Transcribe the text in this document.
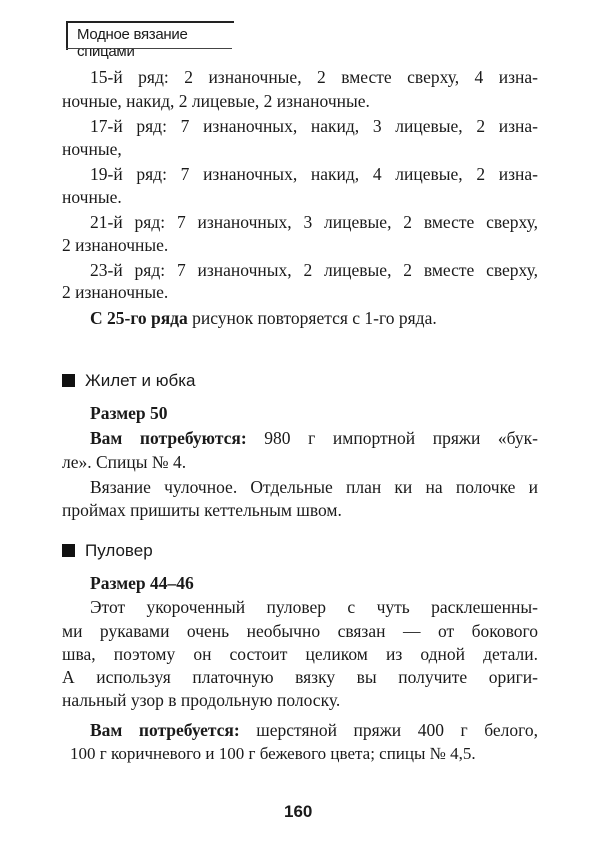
Модное вязание спицами
15-й ряд: 2 изнаночные, 2 вместе сверху, 4 изна-
ночные, накид, 2 лицевые, 2 изнаночные.
17-й ряд: 7 изнаночных, накид, 3 лицевые, 2 изна-
ночные,
19-й ряд: 7 изнаночных, накид, 4 лицевые, 2 изна-
ночные.
21-й ряд: 7 изнаночных, 3 лицевые, 2 вместе сверху,
2 изнаночные.
23-й ряд: 7 изнаночных, 2 лицевые, 2 вместе сверху,
2 изнаночные.
С 25-го ряда рисунок повторяется с 1-го ряда.
Жилет и юбка
Размер 50
Вам потребуются: 980 г импортной пряжи «бук-
ле». Спицы № 4.
Вязание чулочное. Отдельные план ки на полочке и
проймах пришиты кеттельным швом.
Пуловер
Размер 44–46
Этот укороченный пуловер с чуть расклешенны-
ми рукавами очень необычно связан — от бокового
шва, поэтому он состоит целиком из одной детали.
А используя платочную вязку вы получите ориги-
нальный узор в продольную полоску.
Вам потребуется: шерстяной пряжи 400 г белого,
100 г коричневого и 100 г бежевого цвета; спицы № 4,5.
160
